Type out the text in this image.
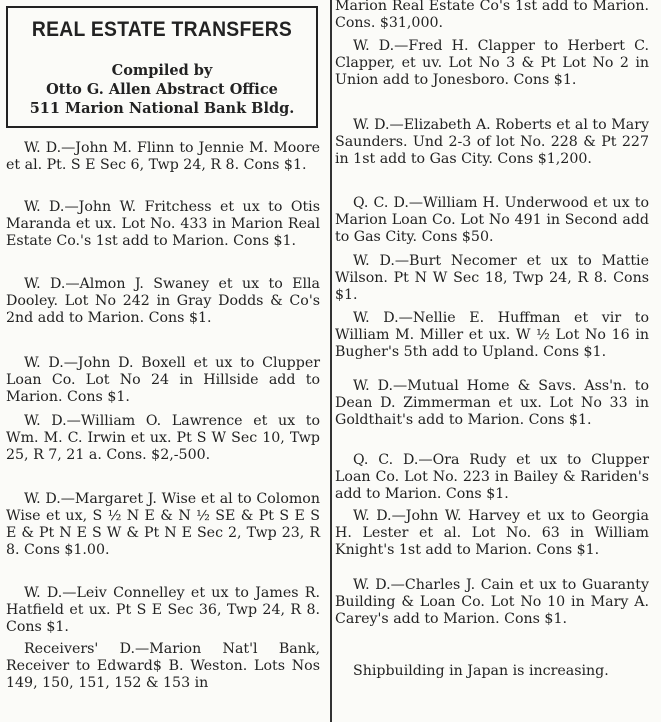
REAL ESTATE TRANSFERS
Compiled by
Otto G. Allen Abstract Office
511 Marion National Bank Bldg.
W. D.—John M. Flinn to Jennie M. Moore et al. Pt. S E Sec 6, Twp 24, R 8. Cons $1.
W. D.—John W. Fritchess et ux to Otis Maranda et ux. Lot No. 433 in Marion Real Estate Co.'s 1st add to Marion. Cons $1.
W. D.—Almon J. Swaney et ux to Ella Dooley. Lot No 242 in Gray Dodds & Co's 2nd add to Marion. Cons $1.
W. D.—John D. Boxell et ux to Clupper Loan Co. Lot No 24 in Hillside add to Marion. Cons $1.
W. D.—William O. Lawrence et ux to Wm. M. C. Irwin et ux. Pt S W Sec 10, Twp 25, R 7, 21 a. Cons. $2,-500.
W. D.—Margaret J. Wise et al to Colomon Wise et ux, S ½ N E & N ½ SE & Pt S E S E & Pt N E S W & Pt N E Sec 2, Twp 23, R 8. Cons $1.00.
W. D.—Leiv Connelley et ux to James R. Hatfield et ux. Pt S E Sec 36, Twp 24, R 8. Cons $1.
Receivers' D.—Marion Nat'l Bank, Receiver to Edward$ B. Weston. Lots Nos 149, 150, 151, 152 & 153 in
Marion Real Estate Co's 1st add to Marion. Cons. $31,000.
W. D.—Fred H. Clapper to Herbert C. Clapper, et uv. Lot No 3 & Pt Lot No 2 in Union add to Jonesboro. Cons $1.
W. D.—Elizabeth A. Roberts et al to Mary Saunders. Und 2-3 of lot No. 228 & Pt 227 in 1st add to Gas City. Cons $1,200.
Q. C. D.—William H. Underwood et ux to Marion Loan Co. Lot No 491 in Second add to Gas City. Cons $50.
W. D.—Burt Necomer et ux to Mattie Wilson. Pt N W Sec 18, Twp 24, R 8. Cons $1.
W. D.—Nellie E. Huffman et vir to William M. Miller et ux. W ½ Lot No 16 in Bugher's 5th add to Upland. Cons $1.
W. D.—Mutual Home & Savs. Ass'n. to Dean D. Zimmerman et ux. Lot No 33 in Goldthait's add to Marion. Cons $1.
Q. C. D.—Ora Rudy et ux to Clupper Loan Co. Lot No. 223 in Bailey & Rariden's add to Marion. Cons $1.
W. D.—John W. Harvey et ux to Georgia H. Lester et al. Lot No. 63 in William Knight's 1st add to Marion. Cons $1.
W. D.—Charles J. Cain et ux to Guaranty Building & Loan Co. Lot No 10 in Mary A. Carey's add to Marion. Cons $1.
Shipbuilding in Japan is increasing.
